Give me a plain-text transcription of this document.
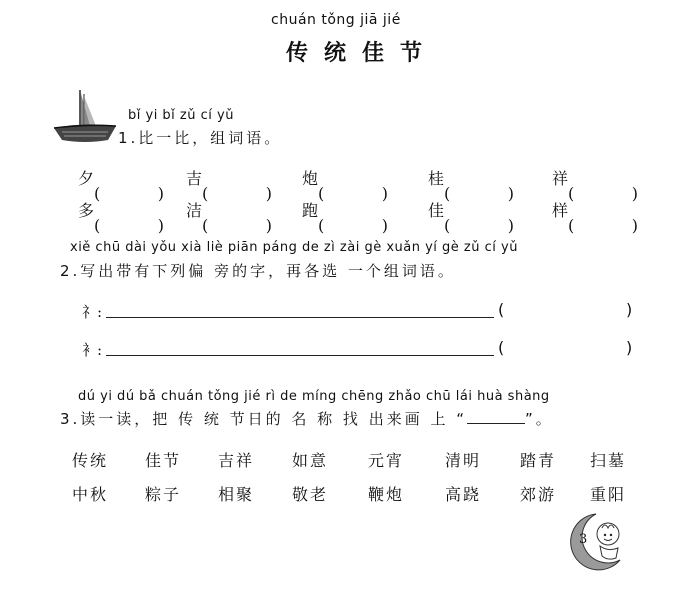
chuán tǒng jiā jié
传统佳节
bǐ yi bǐ zǔ cí yǔ
1.比一比，组词语。
夕	吉	炮	桂	祥
多	洁	跑	佳	样
xiě chū dài yǒu xià liè piān páng de zì zài gè xuǎn yí gè zǔ cí yǔ
2.写出带有下列偏 旁的字，再各选 一个组词语。
礻:	(	)
衤:	(	)
dú yi dú bǎ chuán tǒng jié rì de míng chēng zhǎo chū lái huà shàng
3.读一读，把 传 统 节日的 名 称 找 出来画 上 “	”。
传统 佳节 吉祥 如意 元宵	清明 踏青 扫墓
中秋 粽子 相聚 敬老 鞭炮	高跷 郊游 重阳
3
